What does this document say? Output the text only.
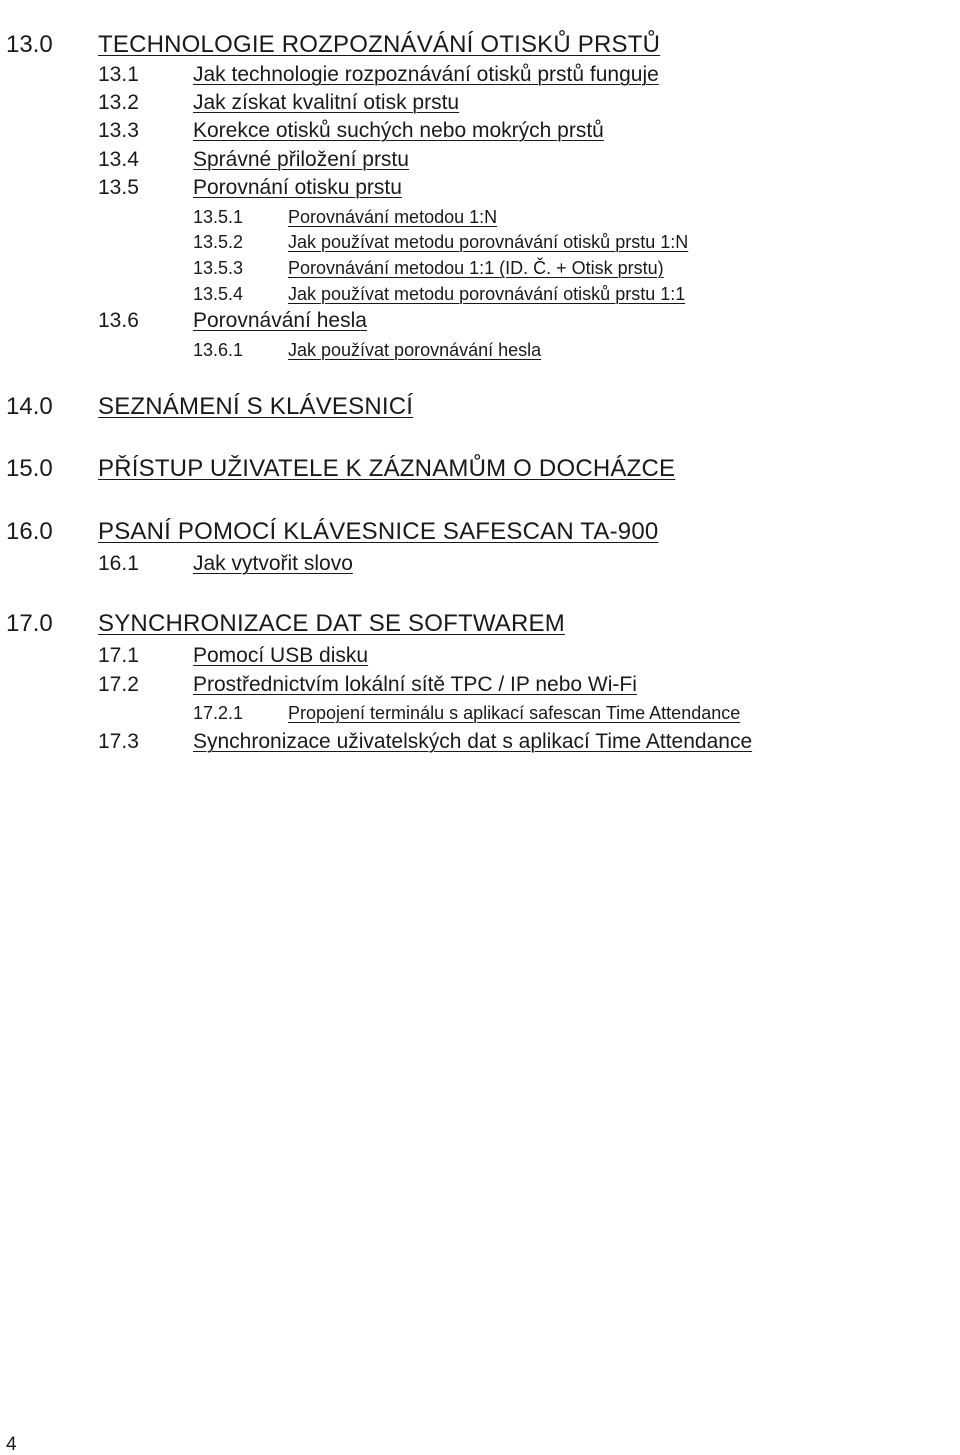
13.0 TECHNOLOGIE ROZPOZNÁVÁNÍ OTISKŮ PRSTŮ
13.1	Jak technologie rozpoznávání otisků prstů funguje
13.2	Jak získat kvalitní otisk prstu
13.3	Korekce otisků suchých nebo mokrých prstů
13.4	Správné přiložení prstu
13.5	Porovnání otisku prstu
13.5.1 Porovnávání metodou 1:N
13.5.2 Jak používat metodu porovnávání otisků prstu 1:N
13.5.3 Porovnávání metodou 1:1 (ID. Č. + Otisk prstu)
13.5.4 Jak používat metodu porovnávání otisků prstu 1:1
13.6	Porovnávání hesla
13.6.1 Jak používat porovnávání hesla
14.0 SEZNÁMENÍ S KLÁVESNICÍ
15.0 PŘÍSTUP UŽIVATELE K ZÁZNAMŮM O DOCHÁZCE
16.0 PSANÍ POMOCÍ KLÁVESNICE SAFESCAN TA-900
16.1	Jak vytvořit slovo
17.0 SYNCHRONIZACE DAT SE SOFTWAREM
17.1	Pomocí USB disku
17.2	Prostřednictvím lokální sítě TPC / IP nebo Wi-Fi
17.2.1 Propojení terminálu s aplikací safescan Time Attendance
17.3	Synchronizace uživatelských dat s aplikací Time Attendance
4
